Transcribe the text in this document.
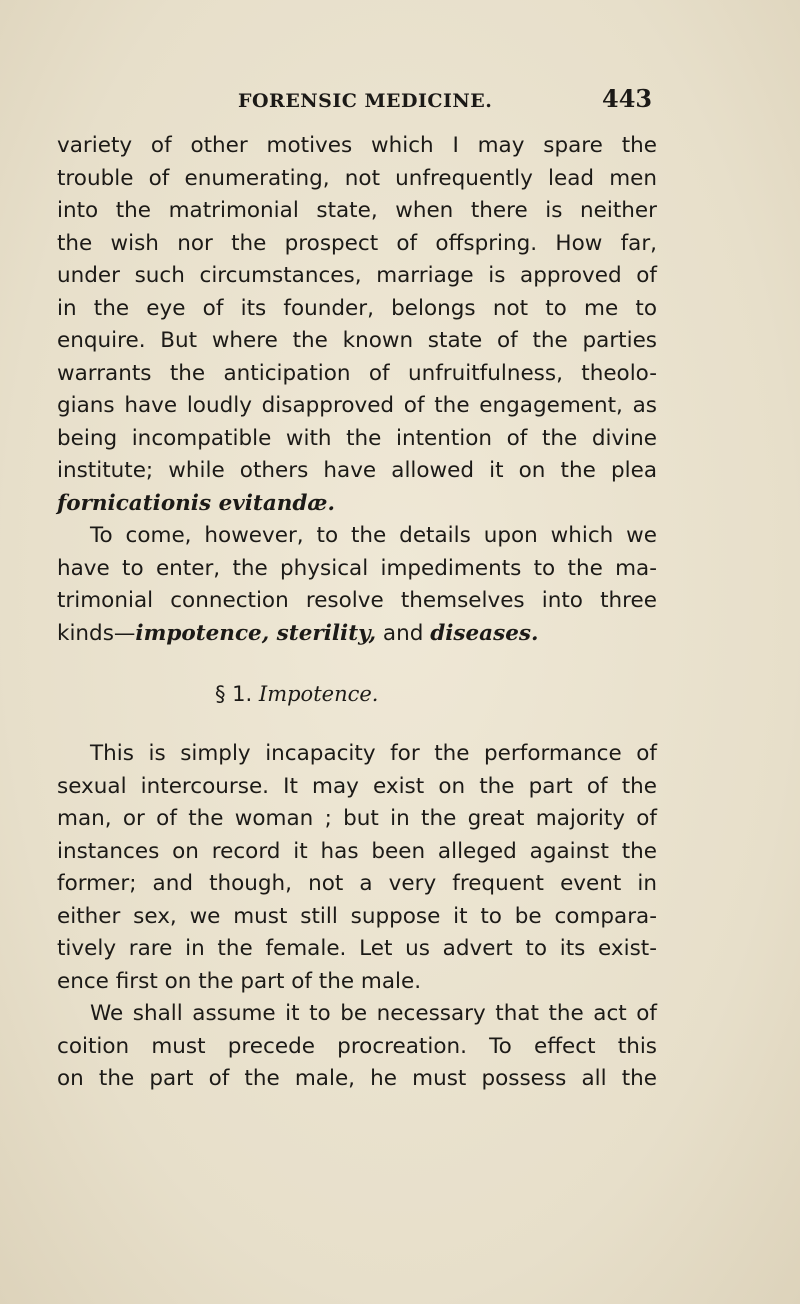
FORENSIC MEDICINE.	443
variety of other motives which I may spare the
trouble of enumerating, not unfrequently lead men
into the matrimonial state, when there is neither
the wish nor the prospect of offspring. How far,
under such circumstances, marriage is approved of
in the eye of its founder, belongs not to me to
enquire. But where the known state of the parties
warrants the anticipation of unfruitfulness, theolo-
gians have loudly disapproved of the engagement, as
being incompatible with the intention of the divine
institute; while others have allowed it on the plea
fornicationis evitandæ.
To come, however, to the details upon which we
have to enter, the physical impediments to the ma-
trimonial connection resolve themselves into three
kinds—impotence, sterility, and diseases.
§ 1. Impotence.
This is simply incapacity for the performance of
sexual intercourse. It may exist on the part of the
man, or of the woman ; but in the great majority of
instances on record it has been alleged against the
former; and though, not a very frequent event in
either sex, we must still suppose it to be compara-
tively rare in the female. Let us advert to its exist-
ence first on the part of the male.
We shall assume it to be necessary that the act of
coition must precede procreation. To effect this
on the part of the male, he must possess all the
